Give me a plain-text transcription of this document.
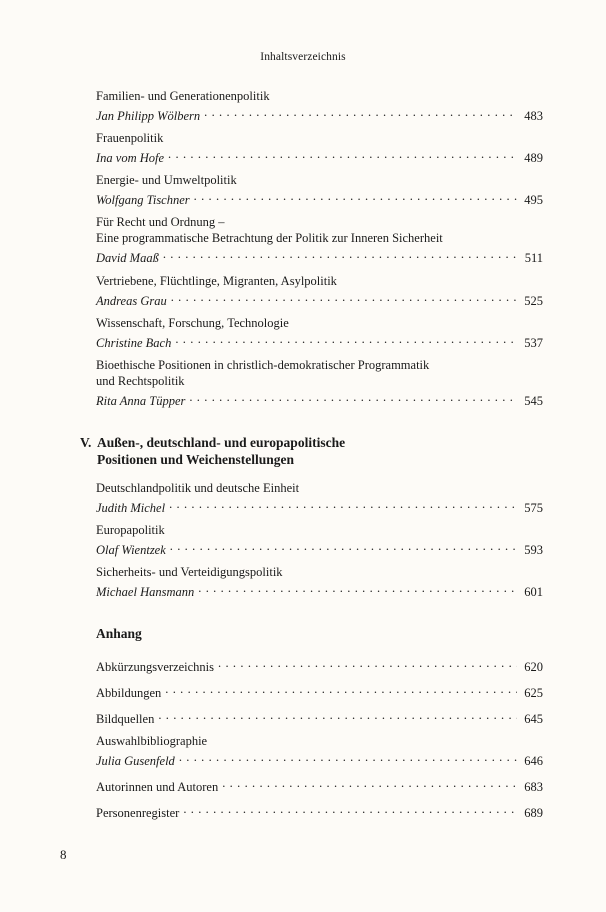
Inhaltsverzeichnis
Familien- und Generationenpolitik
Jan Philipp Wölbern . . .	483
Frauenpolitik
Ina vom Hofe . . .	489
Energie- und Umweltpolitik
Wolfgang Tischner . . .	495
Für Recht und Ordnung –
Eine programmatische Betrachtung der Politik zur Inneren Sicherheit
David Maaß . . .	511
Vertriebene, Flüchtlinge, Migranten, Asylpolitik
Andreas Grau . . .	525
Wissenschaft, Forschung, Technologie
Christine Bach . . .	537
Bioethische Positionen in christlich-demokratischer Programmatik
und Rechtspolitik
Rita Anna Tüpper . . .	545
V. Außen-, deutschland- und europapolitische
Positionen und Weichenstellungen
Deutschlandpolitik und deutsche Einheit
Judith Michel . . .	575
Europapolitik
Olaf Wientzek . . .	593
Sicherheits- und Verteidigungspolitik
Michael Hansmann . . .	601
Anhang
Abkürzungsverzeichnis . . .	620
Abbildungen . . .	625
Bildquellen . . .	645
Auswahlbibliographie
Julia Gusenfeld . . .	646
Autorinnen und Autoren . . .	683
Personenregister . . .	689
8
